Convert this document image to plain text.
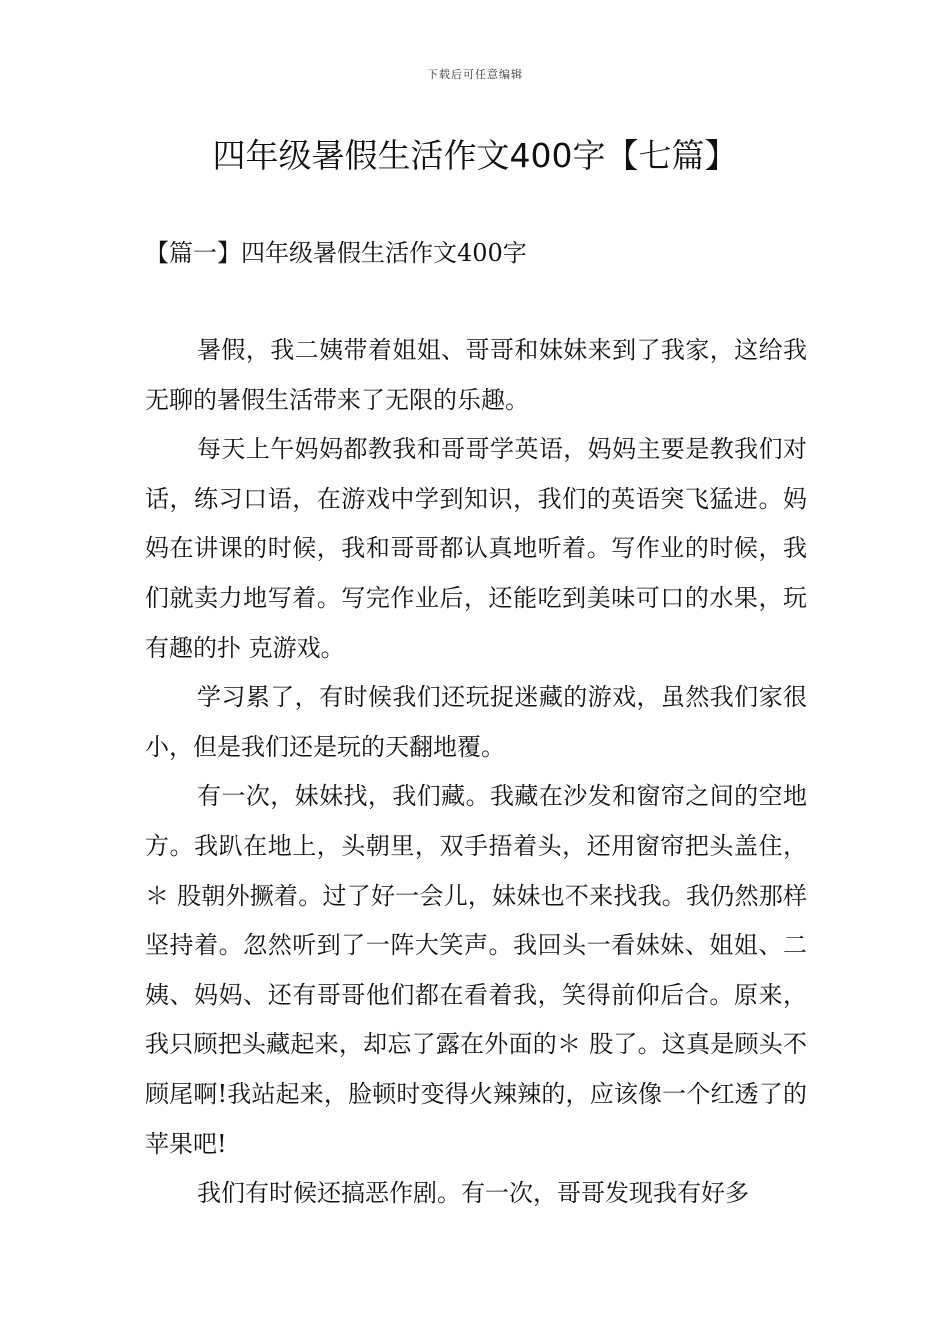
下载后可任意编辑
四年级暑假生活作文400字【七篇】
【篇一】四年级暑假生活作文400字

暑假，我二姨带着姐姐、哥哥和妹妹来到了我家，这给我无聊的暑假生活带来了无限的乐趣。

每天上午妈妈都教我和哥哥学英语，妈妈主要是教我们对话，练习口语，在游戏中学到知识，我们的英语突飞猛进。妈妈在讲课的时候，我和哥哥都认真地听着。写作业的时候，我们就卖力地写着。写完作业后，还能吃到美味可口的水果，玩有趣的扑 克游戏。

学习累了，有时候我们还玩捉迷藏的游戏，虽然我们家很小，但是我们还是玩的天翻地覆。

有一次，妹妹找，我们藏。我藏在沙发和窗帘之间的空地方。我趴在地上，头朝里，双手捂着头，还用窗帘把头盖住，＊ 股朝外撅着。过了好一会儿，妹妹也不来找我。我仍然那样坚持着。忽然听到了一阵大笑声。我回头一看妹妹、姐姐、二姨、妈妈、还有哥哥他们都在看着我，笑得前仰后合。原来，我只顾把头藏起来，却忘了露在外面的＊ 股了。这真是顾头不顾尾啊!我站起来，脸顿时变得火辣辣的，应该像一个红透了的苹果吧!

我们有时候还搞恶作剧。有一次，哥哥发现我有好多
